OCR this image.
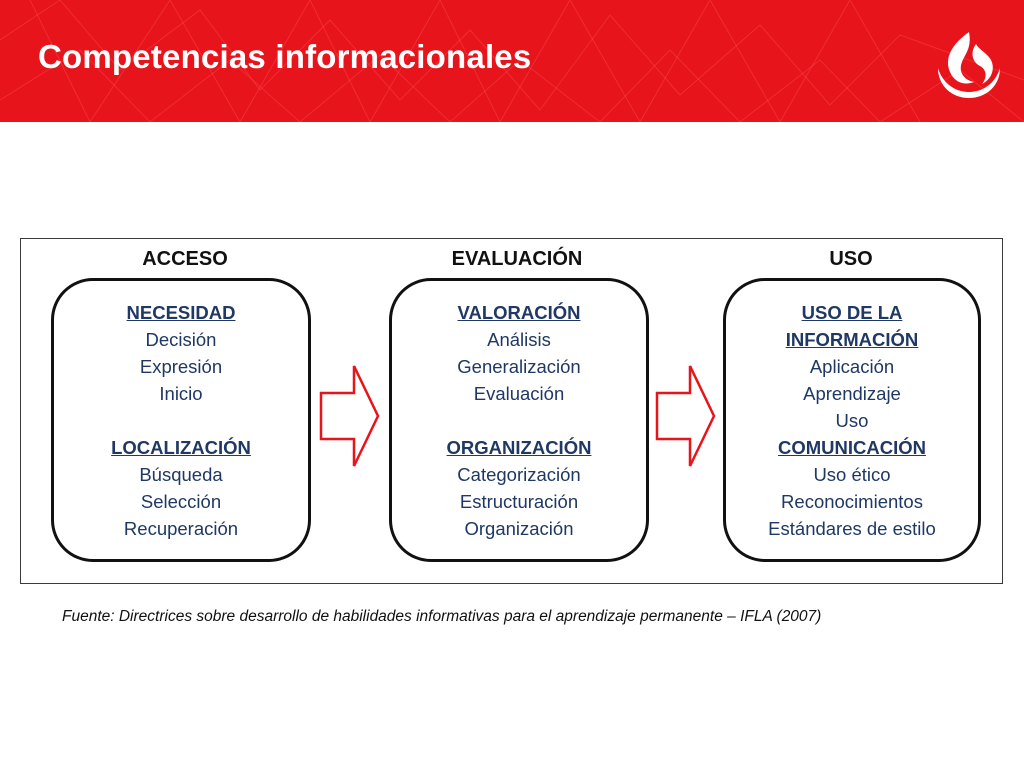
Competencias informacionales
ACCESO	EVALUACIÓN	USO
NECESIDAD
Decisión
Expresión
Inicio
LOCALIZACIÓN
Búsqueda
Selección
Recuperación
VALORACIÓN
Análisis
Generalización
Evaluación
ORGANIZACIÓN
Categorización
Estructuración
Organización
USO DE LA INFORMACIÓN
Aplicación
Aprendizaje
Uso
COMUNICACIÓN
Uso ético
Reconocimientos
Estándares de estilo
Fuente: Directrices sobre desarrollo de habilidades informativas para el aprendizaje permanente – IFLA (2007)
